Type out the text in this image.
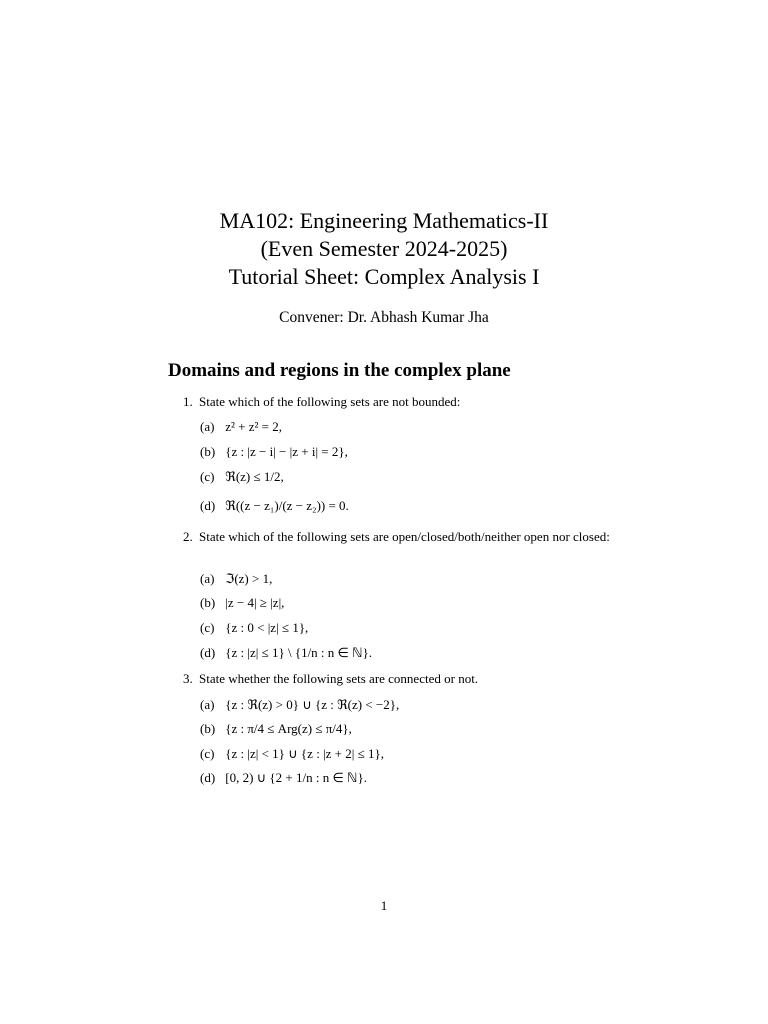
MA102: Engineering Mathematics-II
(Even Semester 2024-2025)
Tutorial Sheet: Complex Analysis I
Convener: Dr. Abhash Kumar Jha
Domains and regions in the complex plane
1. State which of the following sets are not bounded:
(a) z² + z² = 2,
(b) {z : |z − i| − |z + i| = 2},
(c) ℜ(z) ≤ 1/2,
(d) ℜ((z − z₁)/(z − z₂)) = 0.
2. State which of the following sets are open/closed/both/neither open nor closed:
(a) ℑ(z) > 1,
(b) |z − 4| ≥ |z|,
(c) {z : 0 < |z| ≤ 1},
(d) {z : |z| ≤ 1} \ {1/n : n ∈ ℕ}.
3. State whether the following sets are connected or not.
(a) {z : ℜ(z) > 0} ∪ {z : ℜ(z) < −2},
(b) {z : π/4 ≤ Arg(z) ≤ π/4},
(c) {z : |z| < 1} ∪ {z : |z + 2| ≤ 1},
(d) [0, 2) ∪ {2 + 1/n : n ∈ ℕ}.
1
